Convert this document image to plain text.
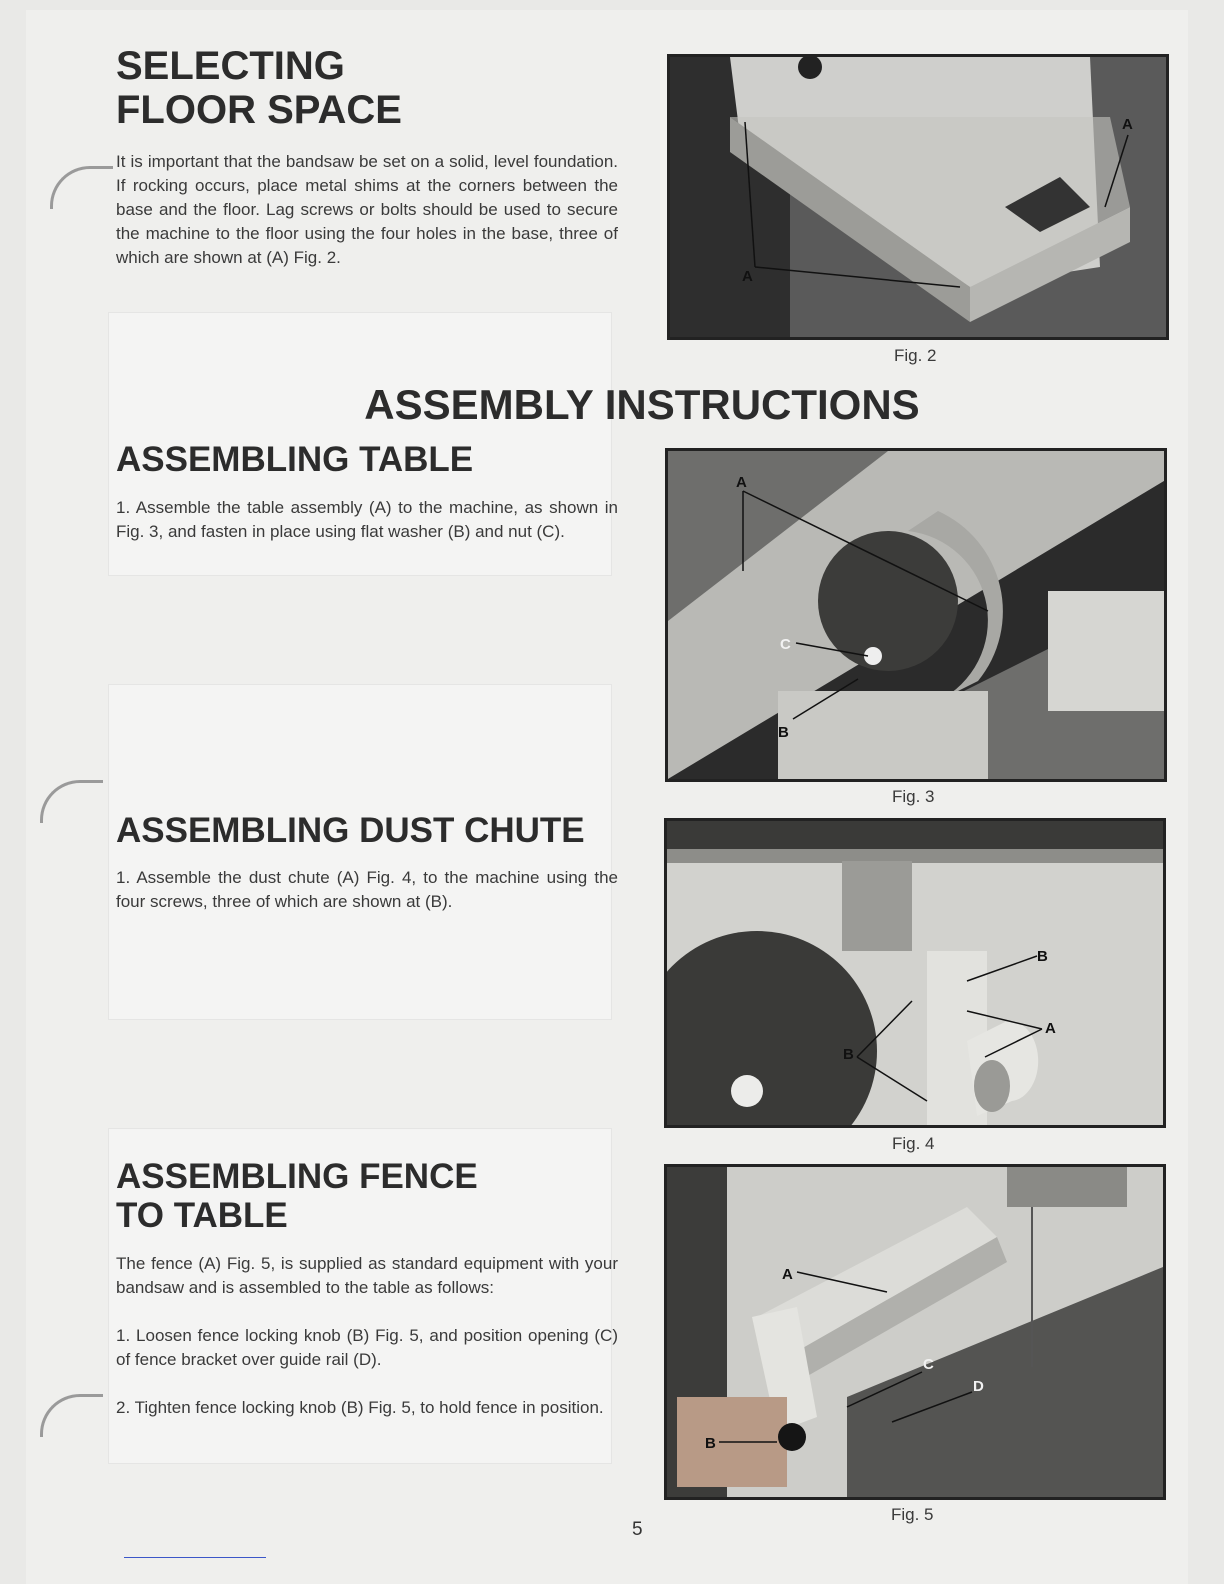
SELECTING FLOOR SPACE

It is important that the bandsaw be set on a solid, level foundation. If rocking occurs, place metal shims at the corners between the base and the floor. Lag screws or bolts should be used to secure the machine to the floor using the four holes in the base, three of which are shown at (A) Fig. 2.

ASSEMBLY INSTRUCTIONS
ASSEMBLING TABLE

1. Assemble the table assembly (A) to the machine, as shown in Fig. 3, and fasten in place using flat washer (B) and nut (C).

ASSEMBLING DUST CHUTE

1. Assemble the dust chute (A) Fig. 4, to the machine using the four screws, three of which are shown at (B).

ASSEMBLING FENCE TO TABLE

The fence (A) Fig. 5, is supplied as standard equipment with your bandsaw and is assembled to the table as follows:

1. Loosen fence locking knob (B) Fig. 5, and position opening (C) of fence bracket over guide rail (D).

2. Tighten fence locking knob (B) Fig. 5, to hold fence in position.

A
A
Fig. 2
A
C
B
Fig. 3
B
A
B
Fig. 4
A
C
D
B
Fig. 5
5
